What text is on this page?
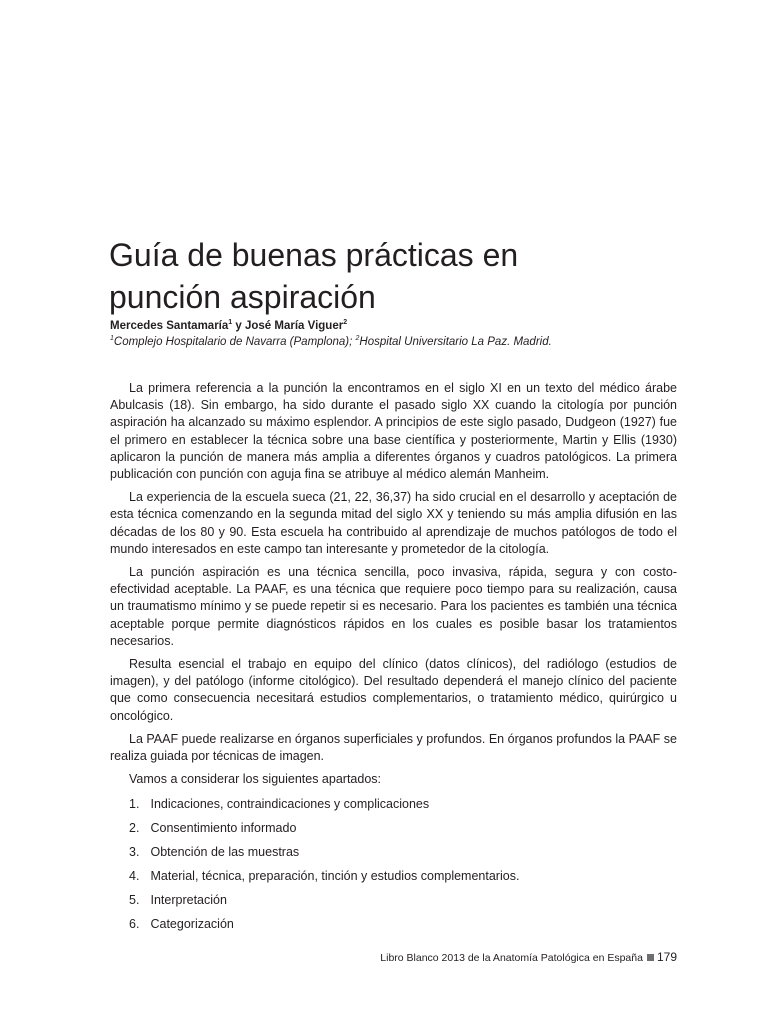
Guía de buenas prácticas en
punción aspiración

Mercedes Santamaría$^1$ y José María Viguer$^2$

$^1$Complejo Hospitalario de Navarra (Pamplona); $^2$Hospital Universitario La Paz. Madrid.

La primera referencia a la punción la encontramos en el siglo XI en un texto del médico árabe Abulcasis (18). Sin embargo, ha sido durante el pasado siglo XX cuando la citología por punción aspiración ha alcanzado su máximo esplendor. A principios de este siglo pasado, Dudgeon (1927) fue el primero en establecer la técnica sobre una base científica y posteriormente, Martin y Ellis (1930) aplicaron la punción de manera más amplia a diferentes órganos y cuadros patológicos. La primera publicación con punción con aguja fina se atribuye al médico alemán Manheim.

La experiencia de la escuela sueca (21, 22, 36,37) ha sido crucial en el desarrollo y aceptación de esta técnica comenzando en la segunda mitad del siglo XX y teniendo su más amplia difusión en las décadas de los 80 y 90. Esta escuela ha contribuido al aprendizaje de muchos patólogos de todo el mundo interesados en este campo tan interesante y prometedor de la citología.

La punción aspiración es una técnica sencilla, poco invasiva, rápida, segura y con costo-efectividad aceptable. La PAAF, es una técnica que requiere poco tiempo para su realización, causa un traumatismo mínimo y se puede repetir si es necesario. Para los pacientes es también una técnica aceptable porque permite diagnósticos rápidos en los cuales es posible basar los tratamientos necesarios.

Resulta esencial el trabajo en equipo del clínico (datos clínicos), del radiólogo (estudios de imagen), y del patólogo (informe citológico). Del resultado dependerá el manejo clínico del paciente que como consecuencia necesitará estudios complementarios, o tratamiento médico, quirúrgico u oncológico.

La PAAF puede realizarse en órganos superficiales y profundos. En órganos profundos la PAAF se realiza guiada por técnicas de imagen.

Vamos a considerar los siguientes apartados:

1. Indicaciones, contraindicaciones y complicaciones
2. Consentimiento informado
3. Obtención de las muestras
4. Material, técnica, preparación, tinción y estudios complementarios.
5. Interpretación
6. Categorización
Libro Blanco 2013 de la Anatomía Patológica en España 179
